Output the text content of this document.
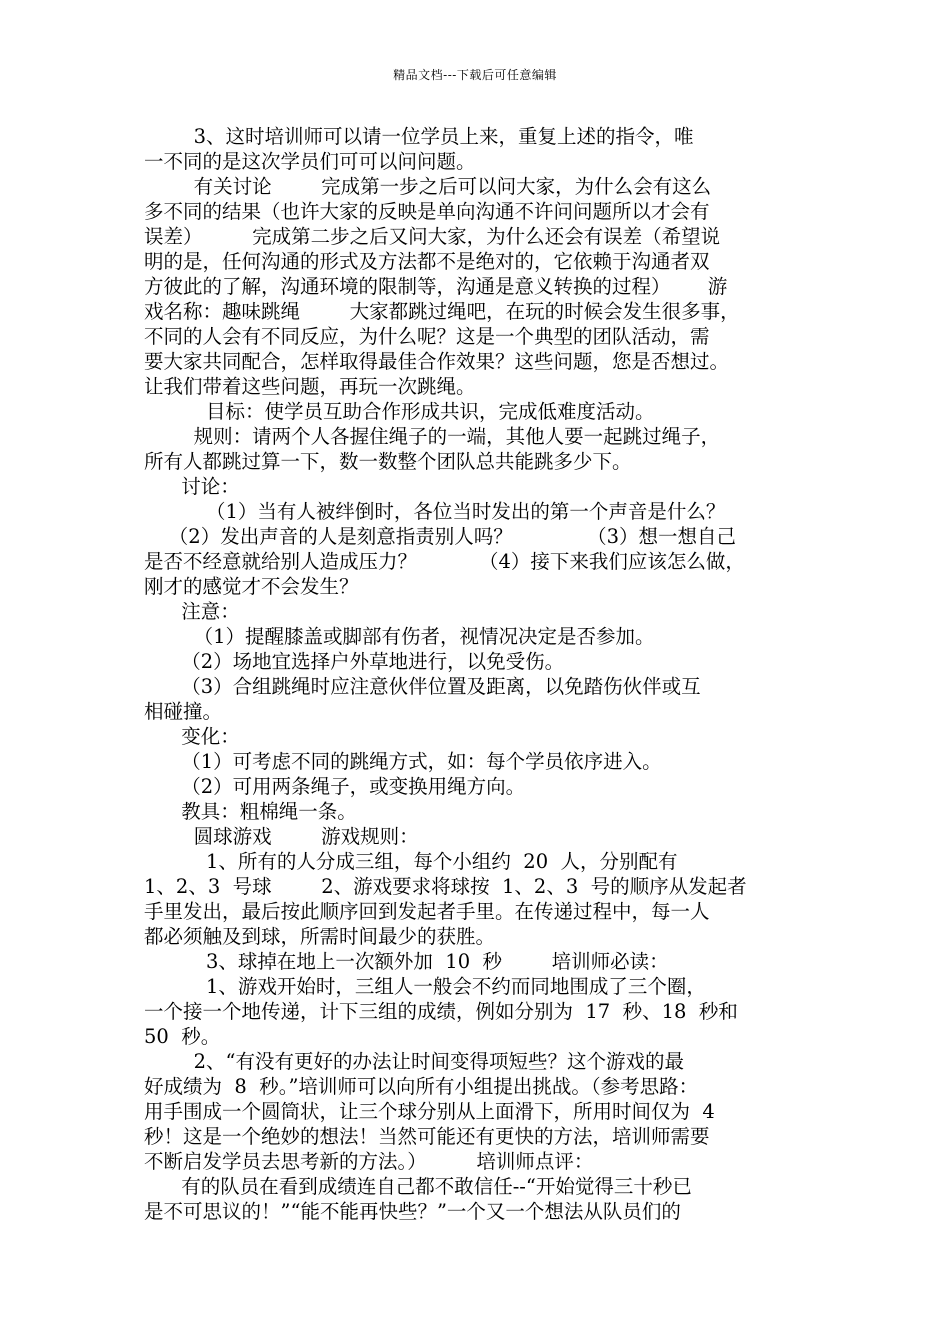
精品文档---下载后可任意编辑
3、这时培训师可以请一位学员上来，重复上述的指令，唯
一不同的是这次学员们可可以问问题。
有关讨论        完成第一步之后可以问大家，为什么会有这么
多不同的结果（也许大家的反映是单向沟通不许问问题所以才会有
误差）        完成第二步之后又问大家，为什么还会有误差（希望说
明的是，任何沟通的形式及方法都不是绝对的，它依赖于沟通者双
方彼此的了解，沟通环境的限制等，沟通是意义转换的过程）      游
戏名称：趣味跳绳        大家都跳过绳吧，在玩的时候会发生很多事，
不同的人会有不同反应，为什么呢？这是一个典型的团队活动，需
要大家共同配合，怎样取得最佳合作效果？这些问题，您是否想过。
让我们带着这些问题，再玩一次跳绳。
目标：使学员互助合作形成共识，完成低难度活动。
规则：请两个人各握住绳子的一端，其他人要一起跳过绳子，
所有人都跳过算一下，数一数整个团队总共能跳多少下。
讨论：
（1）当有人被绊倒时，各位当时发出的第一个声音是什么？
（2）发出声音的人是刻意指责别人吗？            （3）想一想自己
是否不经意就给别人造成压力？          （4）接下来我们应该怎么做，
刚才的感觉才不会发生？
注意：
（1）提醒膝盖或脚部有伤者，视情况决定是否参加。
（2）场地宜选择户外草地进行，以免受伤。
（3）合组跳绳时应注意伙伴位置及距离，以免踏伤伙伴或互
相碰撞。
变化：
（1）可考虑不同的跳绳方式，如：每个学员依序进入。
（2）可用两条绳子，或变换用绳方向。
教具：粗棉绳一条。
圆球游戏        游戏规则：
1、所有的人分成三组，每个小组约  20  人，分别配有
1、2、3  号球        2、游戏要求将球按  1、2、3  号的顺序从发起者
手里发出，最后按此顺序回到发起者手里。在传递过程中，每一人
都必须触及到球，所需时间最少的获胜。
3、球掉在地上一次额外加  10  秒        培训师必读：
1、游戏开始时，三组人一般会不约而同地围成了三个圈，
一个接一个地传递，计下三组的成绩，例如分别为  17  秒、18  秒和
50  秒。
2、“有没有更好的办法让时间变得项短些？这个游戏的最
好成绩为  8  秒。”培训师可以向所有小组提出挑战。（参考思路：
用手围成一个圆筒状，让三个球分别从上面滑下，所用时间仅为  4
秒！这是一个绝妙的想法！当然可能还有更快的方法，培训师需要
不断启发学员去思考新的方法。）        培训师点评：
有的队员在看到成绩连自己都不敢信任--“开始觉得三十秒已
是不可思议的！”“能不能再快些？”一个又一个想法从队员们的
